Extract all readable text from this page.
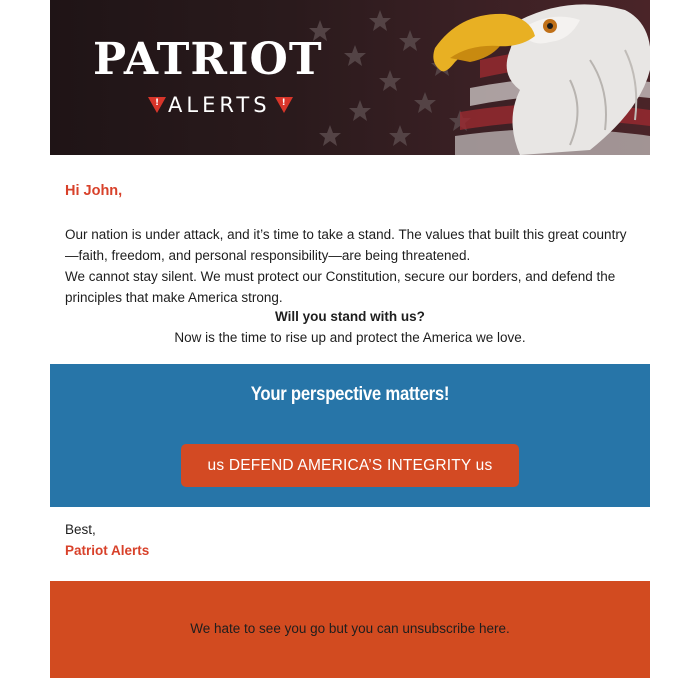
PATRIOT
! ALERTS !
Hi John,
Our nation is under attack, and it’s time to take a stand. The values that built this great country—faith, freedom, and personal responsibility—are being threatened.
We cannot stay silent. We must protect our Constitution, secure our borders, and defend the principles that make America strong.
Will you stand with us?
Now is the time to rise up and protect the America we love.
Your perspective matters!
us DEFEND AMERICA’S INTEGRITY us
Best,
Patriot Alerts
We hate to see you go but you can unsubscribe here.
